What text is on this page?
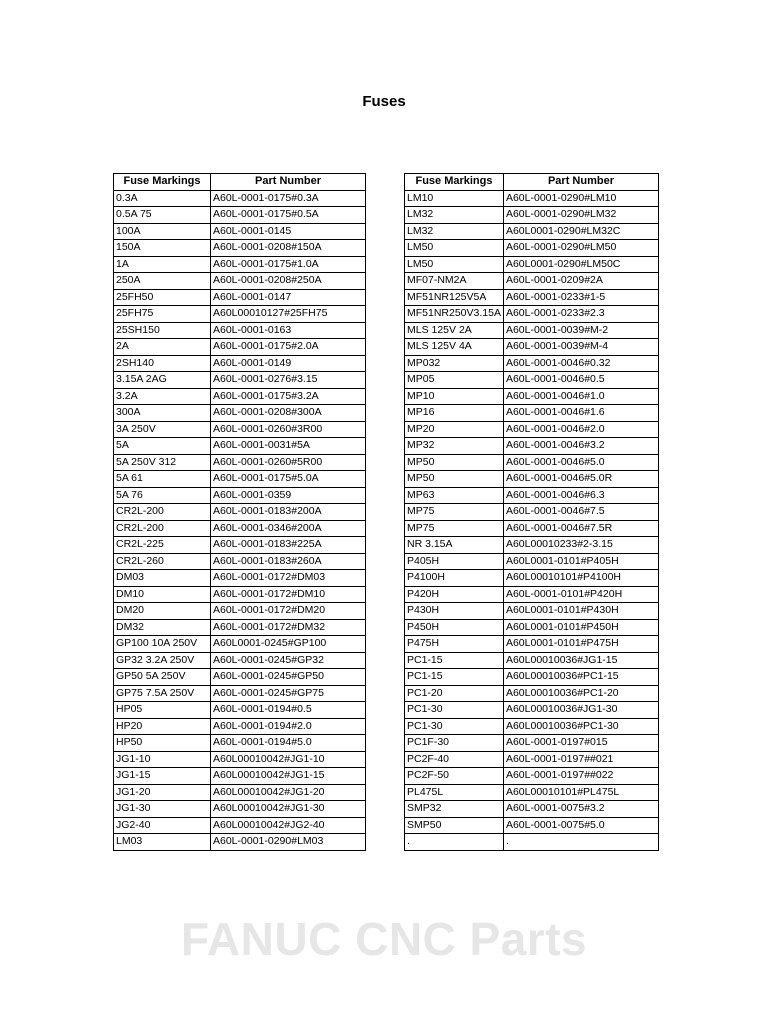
Fuses
Fuse Markings	Part Number
0.3A	A60L-0001-0175#0.3A
0.5A 75	A60L-0001-0175#0.5A
100A	A60L-0001-0145
150A	A60L-0001-0208#150A
1A	A60L-0001-0175#1.0A
250A	A60L-0001-0208#250A
25FH50	A60L-0001-0147
25FH75	A60L00010127#25FH75
25SH150	A60L-0001-0163
2A	A60L-0001-0175#2.0A
2SH140	A60L-0001-0149
3.15A 2AG	A60L-0001-0276#3.15
3.2A	A60L-0001-0175#3.2A
300A	A60L-0001-0208#300A
3A 250V	A60L-0001-0260#3R00
5A	A60L-0001-0031#5A
5A 250V 312	A60L-0001-0260#5R00
5A 61	A60L-0001-0175#5.0A
5A 76	A60L-0001-0359
CR2L-200	A60L-0001-0183#200A
CR2L-200	A60L-0001-0346#200A
CR2L-225	A60L-0001-0183#225A
CR2L-260	A60L-0001-0183#260A
DM03	A60L-0001-0172#DM03
DM10	A60L-0001-0172#DM10
DM20	A60L-0001-0172#DM20
DM32	A60L-0001-0172#DM32
GP100 10A 250V	A60L0001-0245#GP100
GP32 3.2A 250V	A60L-0001-0245#GP32
GP50 5A 250V	A60L-0001-0245#GP50
GP75 7.5A 250V	A60L-0001-0245#GP75
HP05	A60L-0001-0194#0.5
HP20	A60L-0001-0194#2.0
HP50	A60L-0001-0194#5.0
JG1-10	A60L00010042#JG1-10
JG1-15	A60L00010042#JG1-15
JG1-20	A60L00010042#JG1-20
JG1-30	A60L00010042#JG1-30
JG2-40	A60L00010042#JG2-40
LM03	A60L-0001-0290#LM03
Fuse Markings	Part Number
LM10	A60L-0001-0290#LM10
LM32	A60L-0001-0290#LM32
LM32	A60L0001-0290#LM32C
LM50	A60L-0001-0290#LM50
LM50	A60L0001-0290#LM50C
MF07-NM2A	A60L-0001-0209#2A
MF51NR125V5A	A60L-0001-0233#1-5
MF51NR250V3.15A	A60L-0001-0233#2.3
MLS 125V 2A	A60L-0001-0039#M-2
MLS 125V 4A	A60L-0001-0039#M-4
MP032	A60L-0001-0046#0.32
MP05	A60L-0001-0046#0.5
MP10	A60L-0001-0046#1.0
MP16	A60L-0001-0046#1.6
MP20	A60L-0001-0046#2.0
MP32	A60L-0001-0046#3.2
MP50	A60L-0001-0046#5.0
MP50	A60L-0001-0046#5.0R
MP63	A60L-0001-0046#6.3
MP75	A60L-0001-0046#7.5
MP75	A60L-0001-0046#7.5R
NR 3.15A	A60L00010233#2-3.15
P405H	A60L0001-0101#P405H
P4100H	A60L00010101#P4100H
P420H	A60L-0001-0101#P420H
P430H	A60L0001-0101#P430H
P450H	A60L0001-0101#P450H
P475H	A60L0001-0101#P475H
PC1-15	A60L00010036#JG1-15
PC1-15	A60L00010036#PC1-15
PC1-20	A60L00010036#PC1-20
PC1-30	A60L00010036#JG1-30
PC1-30	A60L00010036#PC1-30
PC1F-30	A60L-0001-0197#015
PC2F-40	A60L-0001-0197##021
PC2F-50	A60L-0001-0197##022
PL475L	A60L00010101#PL475L
SMP32	A60L-0001-0075#3.2
SMP50	A60L-0001-0075#5.0
.	.
FANUC CNC Parts
